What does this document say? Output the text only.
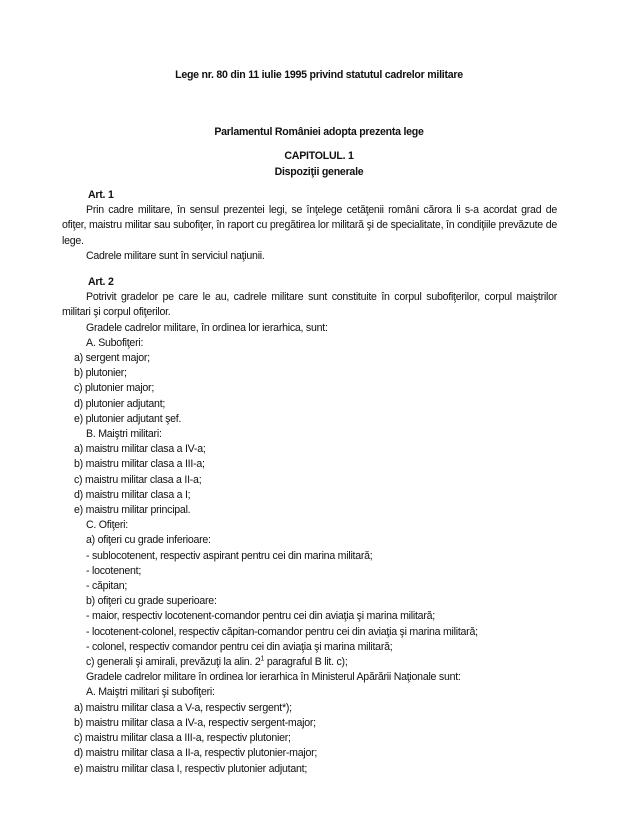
Lege nr. 80 din 11 iulie 1995 privind statutul cadrelor militare

Parlamentul României adopta prezenta lege

CAPITOLUL. 1

Dispoziţii generale

Art. 1

Prin cadre militare, în sensul prezentei legi, se înţelege cetăţenii români cărora li s-a acordat grad de ofiţer, maistru militar sau subofiţer, în raport cu pregătirea lor militară şi de specialitate, în condiţiile prevăzute de lege.

Cadrele militare sunt în serviciul naţiunii.

Art. 2

Potrivit gradelor pe care le au, cadrele militare sunt constituite în corpul subofiţerilor, corpul maiştrilor militari şi corpul ofiţerilor.

Gradele cadrelor militare, în ordinea lor ierarhica, sunt:

A. Subofiţeri:

a) sergent major;

b) plutonier;

c) plutonier major;

d) plutonier adjutant;

e) plutonier adjutant şef.

B. Maiştri militari:

a) maistru militar clasa a IV-a;

b) maistru militar clasa a III-a;

c) maistru militar clasa a II-a;

d) maistru militar clasa a I;

e) maistru militar principal.

C. Ofiţeri:

a) ofiţeri cu grade inferioare:

- sublocotenent, respectiv aspirant pentru cei din marina militară;

- locotenent;

- căpitan;

b) ofiţeri cu grade superioare:

- maior, respectiv locotenent-comandor pentru cei din aviaţia şi marina militară;

- locotenent-colonel, respectiv căpitan-comandor pentru cei din aviaţia şi marina militară;

- colonel, respectiv comandor pentru cei din aviaţia şi marina militară;

c) generali şi amirali, prevăzuţi la alin. $2^1$ paragraful B lit. c);

Gradele cadrelor militare în ordinea lor ierarhica în Ministerul Apărării Naţionale sunt:

A. Maiştri militari şi subofiţeri:

a) maistru militar clasa a V-a, respectiv sergent*);

b) maistru militar clasa a IV-a, respectiv sergent-major;

c) maistru militar clasa a III-a, respectiv plutonier;

d) maistru militar clasa a II-a, respectiv plutonier-major;

e) maistru militar clasa I, respectiv plutonier adjutant;
